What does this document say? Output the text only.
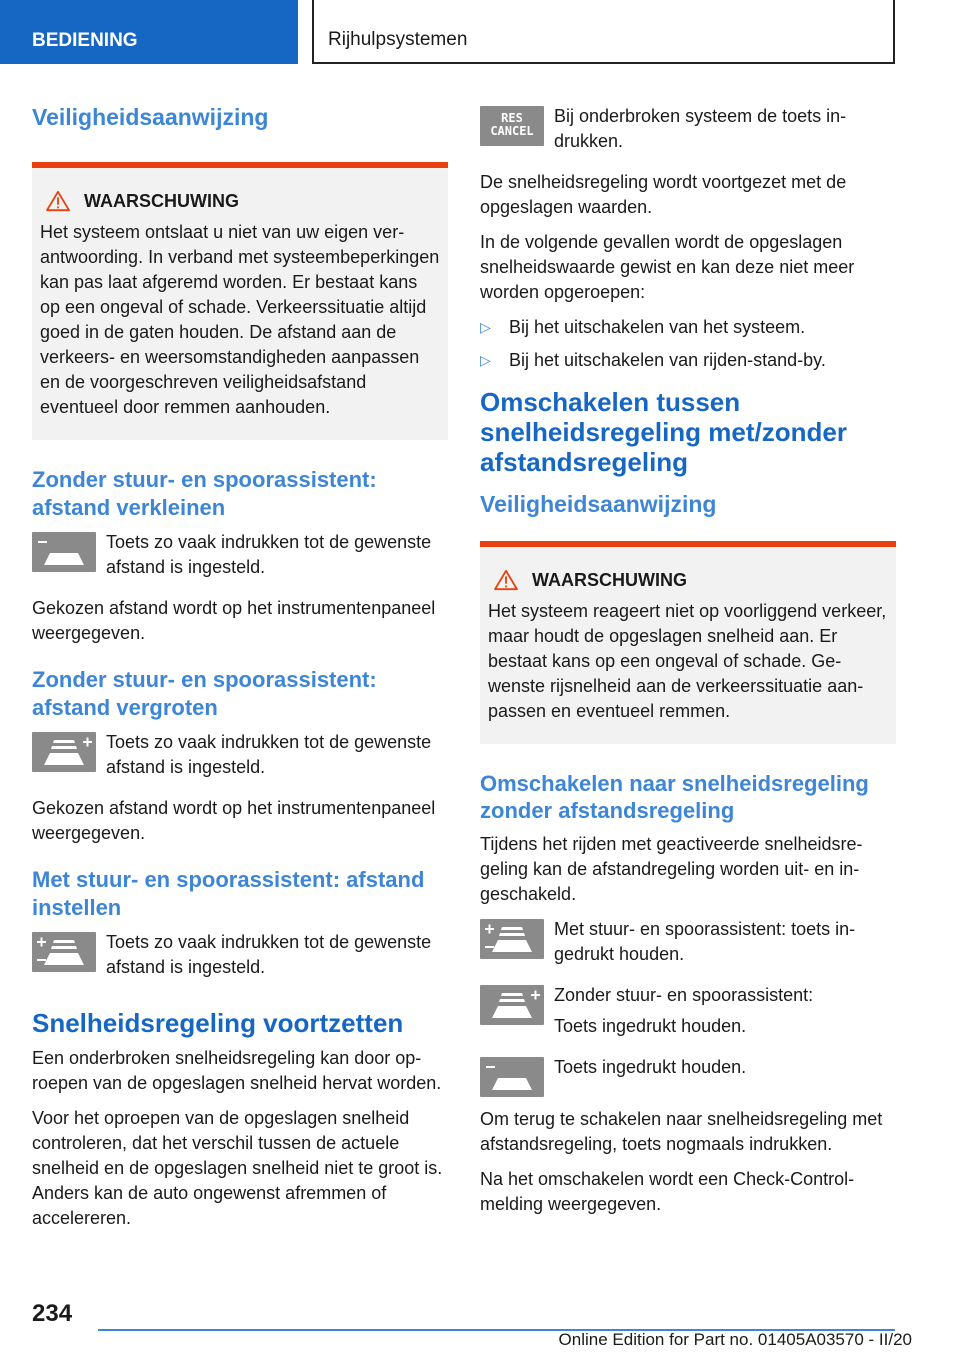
BEDIENING	Rijhulpsystemen
Veiligheidsaanwijzing
WAARSCHUWING

Het systeem ontslaat u niet van uw eigen verantwoording. In verband met systeembeperkingen kan pas laat afgeremd worden. Er bestaat kans op een ongeval of schade. Verkeerssituatie altijd goed in de gaten houden. De afstand aan de verkeers- en weersomstandigheden aanpassen en de voorgeschreven veiligheidsafstand eventueel door remmen aanhouden.

Zonder stuur- en spoorassistent: afstand verkleinen

Toets zo vaak indrukken tot de gewenste afstand is ingesteld.

Gekozen afstand wordt op het instrumentenpaneel weergegeven.

Zonder stuur- en spoorassistent: afstand vergroten

Toets zo vaak indrukken tot de gewenste afstand is ingesteld.

Gekozen afstand wordt op het instrumentenpaneel weergegeven.

Met stuur- en spoorassistent: afstand instellen

Toets zo vaak indrukken tot de gewenste afstand is ingesteld.

Snelheidsregeling voortzetten

Een onderbroken snelheidsregeling kan door oproepen van de opgeslagen snelheid hervat worden.

Voor het oproepen van de opgeslagen snelheid controleren, dat het verschil tussen de actuele snelheid en de opgeslagen snelheid niet te groot is. Anders kan de auto ongewenst afremmen of accelereren.

RES
CANCEL

Bij onderbroken systeem de toets indrukken.

De snelheidsregeling wordt voortgezet met de opgeslagen waarden.

In de volgende gevallen wordt de opgeslagen snelheidswaarde gewist en kan deze niet meer worden opgeroepen:

▷ Bij het uitschakelen van het systeem.
▷ Bij het uitschakelen van rijden-stand-by.
Omschakelen tussen snelheidsregeling met/zonder afstandsregeling
Veiligheidsaanwijzing
WAARSCHUWING

Het systeem reageert niet op voorliggend verkeer, maar houdt de opgeslagen snelheid aan. Er bestaat kans op een ongeval of schade. Gewenste rijsnelheid aan de verkeerssituatie aanpassen en eventueel remmen.

Omschakelen naar snelheidsregeling zonder afstandsregeling

Tijdens het rijden met geactiveerde snelheidsregeling kan de afstandregeling worden uit- en ingeschakeld.

Met stuur- en spoorassistent: toets ingedrukt houden.

Zonder stuur- en spoorassistent:

Toets ingedrukt houden.

Toets ingedrukt houden.

Om terug te schakelen naar snelheidsregeling met afstandsregeling, toets nogmaals indrukken.

Na het omschakelen wordt een Check-Control-melding weergegeven.

234
Online Edition for Part no. 01405A03570 - II/20
